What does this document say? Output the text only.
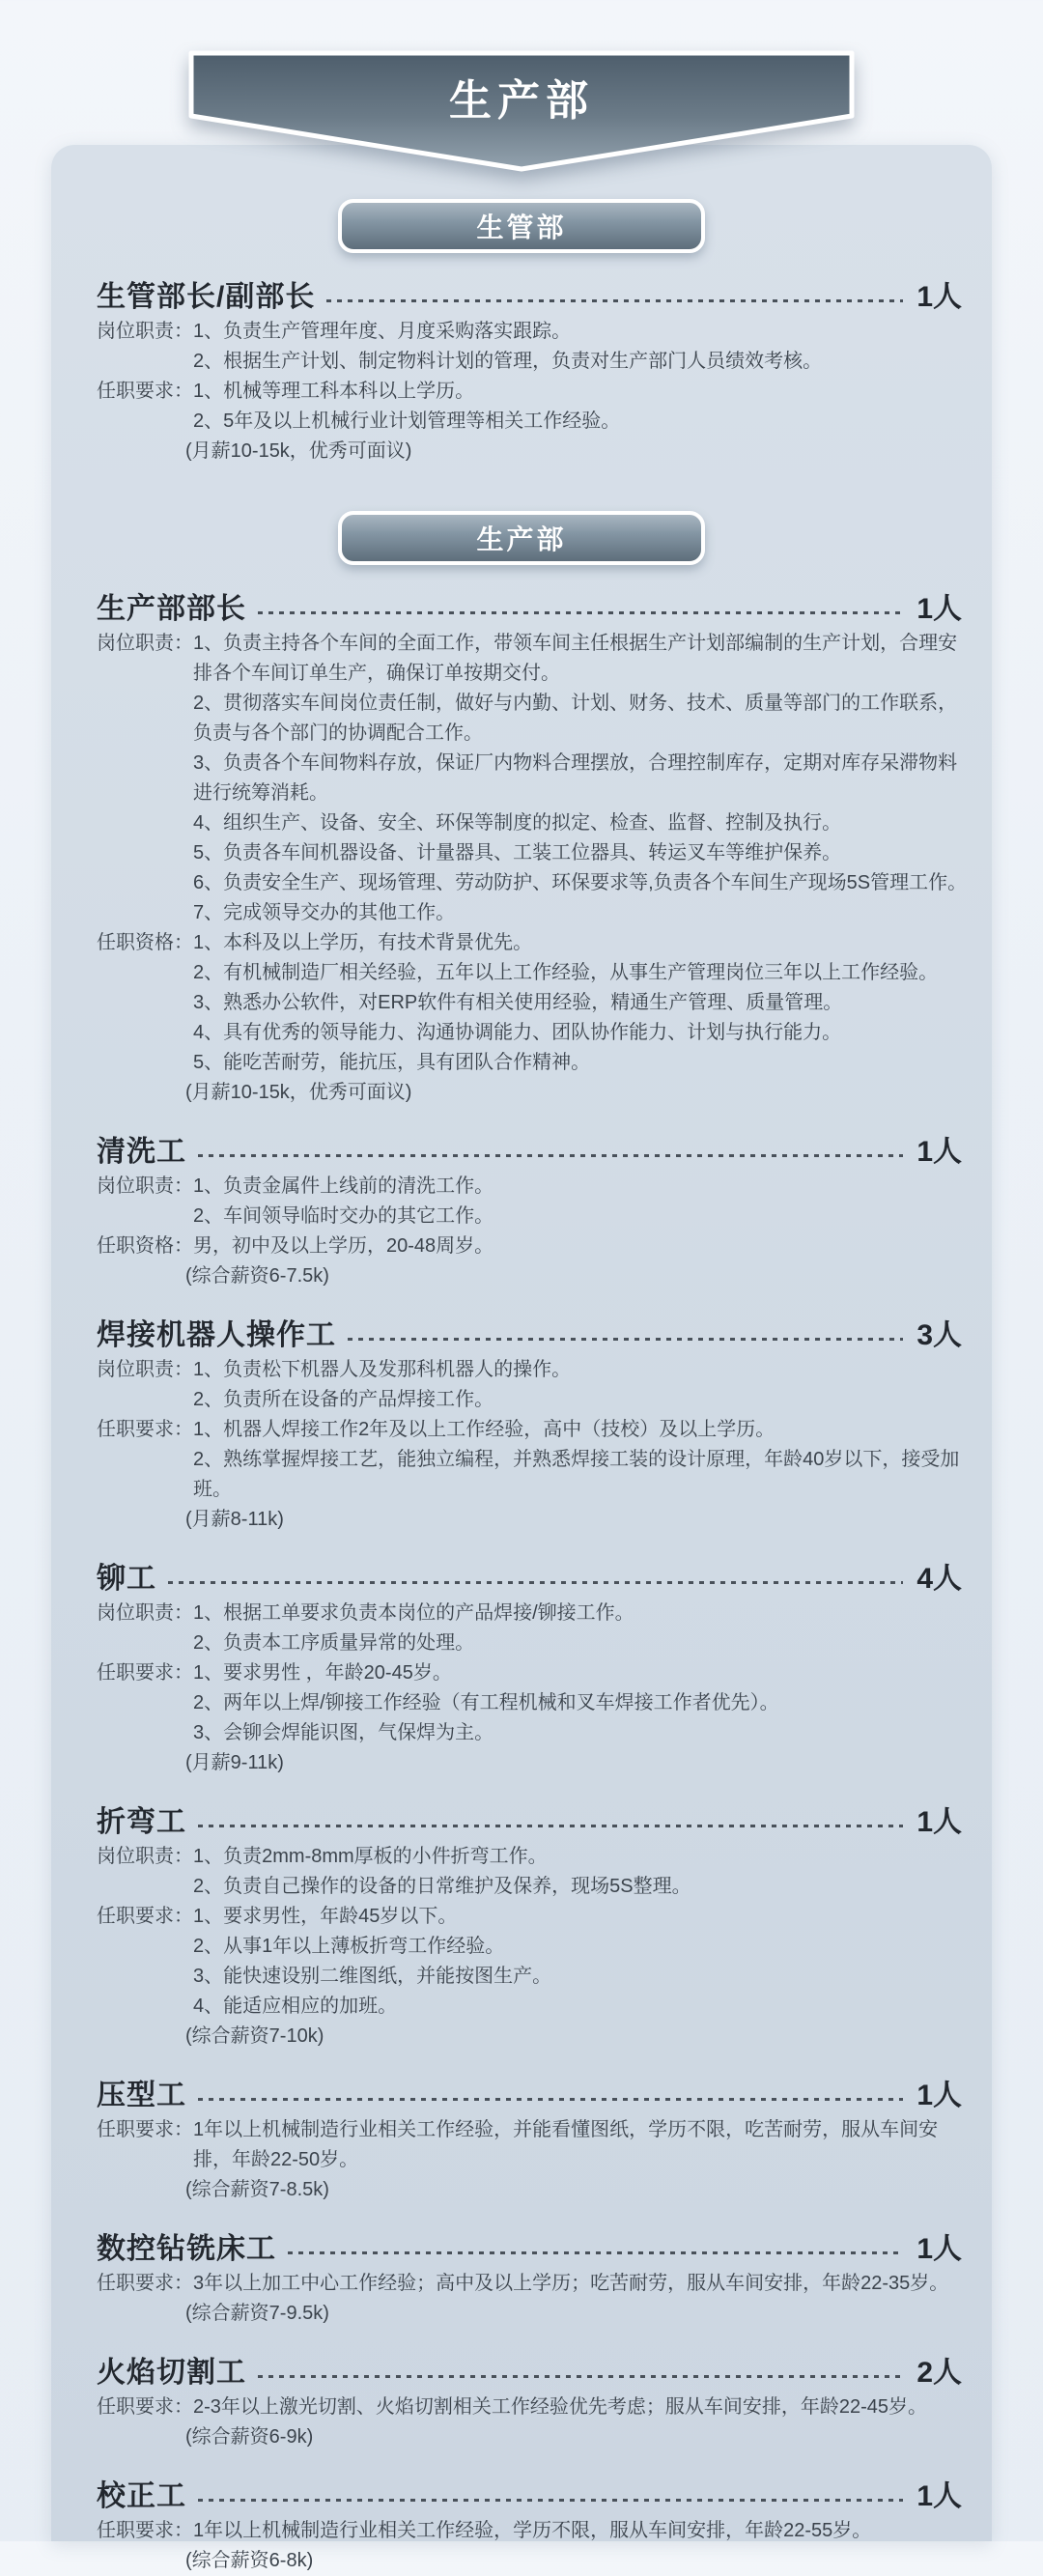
生管部
生管部长/副部长	1人
岗位职责： 1、负责生产管理年度、月度采购落实跟踪。
2、根据生产计划、制定物料计划的管理，负责对生产部门人员绩效考核。
任职要求： 1、机械等理工科本科以上学历。
2、5年及以上机械行业计划管理等相关工作经验。
(月薪10-15k，优秀可面议)
生产部
生产部部长	1人
岗位职责： 1、负责主持各个车间的全面工作，带领车间主任根据生产计划部编制的生产计划，合理安排各个车间订单生产，确保订单按期交付。
2、贯彻落实车间岗位责任制，做好与内勤、计划、财务、技术、质量等部门的工作联系，负责与各个部门的协调配合工作。
3、负责各个车间物料存放，保证厂内物料合理摆放，合理控制库存，定期对库存呆滞物料进行统筹消耗。
4、组织生产、设备、安全、环保等制度的拟定、检查、监督、控制及执行。
5、负责各车间机器设备、计量器具、工装工位器具、转运叉车等维护保养。
6、负责安全生产、现场管理、劳动防护、环保要求等,负责各个车间生产现场5S管理工作。
7、完成领导交办的其他工作。
任职资格： 1、本科及以上学历，有技术背景优先。
2、有机械制造厂相关经验，五年以上工作经验，从事生产管理岗位三年以上工作经验。
3、熟悉办公软件，对ERP软件有相关使用经验，精通生产管理、质量管理。
4、具有优秀的领导能力、沟通协调能力、团队协作能力、计划与执行能力。
5、能吃苦耐劳，能抗压，具有团队合作精神。
(月薪10-15k，优秀可面议)
清洗工	1人
岗位职责： 1、负责金属件上线前的清洗工作。
2、车间领导临时交办的其它工作。
任职资格： 男，初中及以上学历，20-48周岁。
(综合薪资6-7.5k)
焊接机器人操作工	3人
岗位职责： 1、负责松下机器人及发那科机器人的操作。
2、负责所在设备的产品焊接工作。
任职要求： 1、机器人焊接工作2年及以上工作经验，高中（技校）及以上学历。
2、熟练掌握焊接工艺，能独立编程，并熟悉焊接工装的设计原理，年龄40岁以下，接受加班。
(月薪8-11k)
铆工	4人
岗位职责： 1、根据工单要求负责本岗位的产品焊接/铆接工作。
2、负责本工序质量异常的处理。
任职要求： 1、要求男性 ，年龄20-45岁。
2、两年以上焊/铆接工作经验（有工程机械和叉车焊接工作者优先）。
3、会铆会焊能识图，气保焊为主。
(月薪9-11k)
折弯工	1人
岗位职责： 1、负责2mm-8mm厚板的小件折弯工作。
2、负责自己操作的设备的日常维护及保养，现场5S整理。
任职要求： 1、要求男性，年龄45岁以下。
2、从事1年以上薄板折弯工作经验。
3、能快速设别二维图纸，并能按图生产。
4、能适应相应的加班。
(综合薪资7-10k)
压型工	1人
任职要求： 1年以上机械制造行业相关工作经验，并能看懂图纸，学历不限，吃苦耐劳，服从车间安排，年龄22-50岁。
(综合薪资7-8.5k)
数控钻铣床工	1人
任职要求： 3年以上加工中心工作经验；高中及以上学历；吃苦耐劳，服从车间安排，年龄22-35岁。
(综合薪资7-9.5k)
火焰切割工	2人
任职要求： 2-3年以上激光切割、火焰切割相关工作经验优先考虑；服从车间安排，年龄22-45岁。
(综合薪资6-9k)
校正工	1人
任职要求： 1年以上机械制造行业相关工作经验，学历不限，服从车间安排，年龄22-55岁。
(综合薪资6-8k)
生产部
